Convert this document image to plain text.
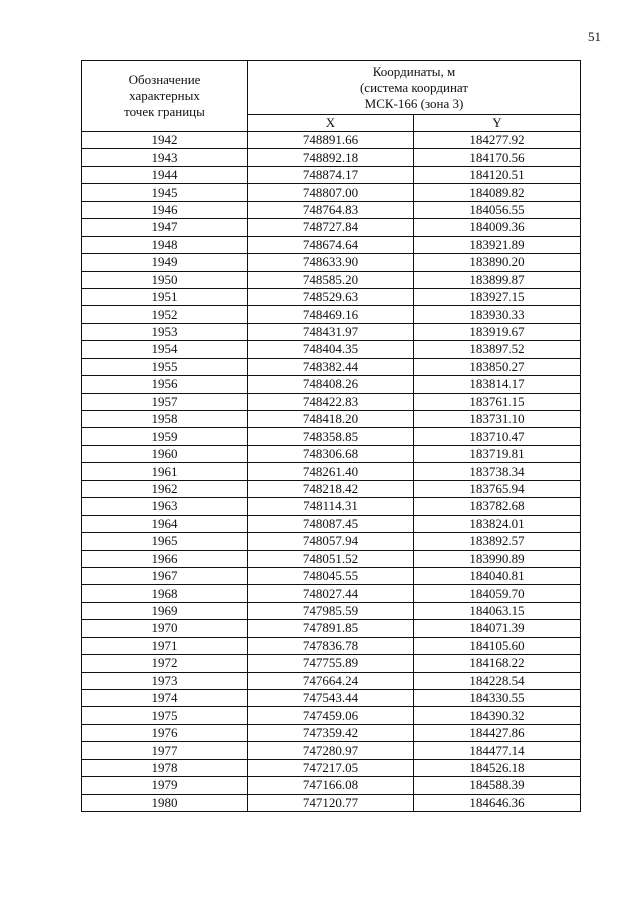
51
Обозначение
характерных
точек границы	Координаты, м
(система координат
МСК-166 (зона 3)	
	X	Y
1942	748891.66	184277.92
1943	748892.18	184170.56
1944	748874.17	184120.51
1945	748807.00	184089.82
1946	748764.83	184056.55
1947	748727.84	184009.36
1948	748674.64	183921.89
1949	748633.90	183890.20
1950	748585.20	183899.87
1951	748529.63	183927.15
1952	748469.16	183930.33
1953	748431.97	183919.67
1954	748404.35	183897.52
1955	748382.44	183850.27
1956	748408.26	183814.17
1957	748422.83	183761.15
1958	748418.20	183731.10
1959	748358.85	183710.47
1960	748306.68	183719.81
1961	748261.40	183738.34
1962	748218.42	183765.94
1963	748114.31	183782.68
1964	748087.45	183824.01
1965	748057.94	183892.57
1966	748051.52	183990.89
1967	748045.55	184040.81
1968	748027.44	184059.70
1969	747985.59	184063.15
1970	747891.85	184071.39
1971	747836.78	184105.60
1972	747755.89	184168.22
1973	747664.24	184228.54
1974	747543.44	184330.55
1975	747459.06	184390.32
1976	747359.42	184427.86
1977	747280.97	184477.14
1978	747217.05	184526.18
1979	747166.08	184588.39
1980	747120.77	184646.36
